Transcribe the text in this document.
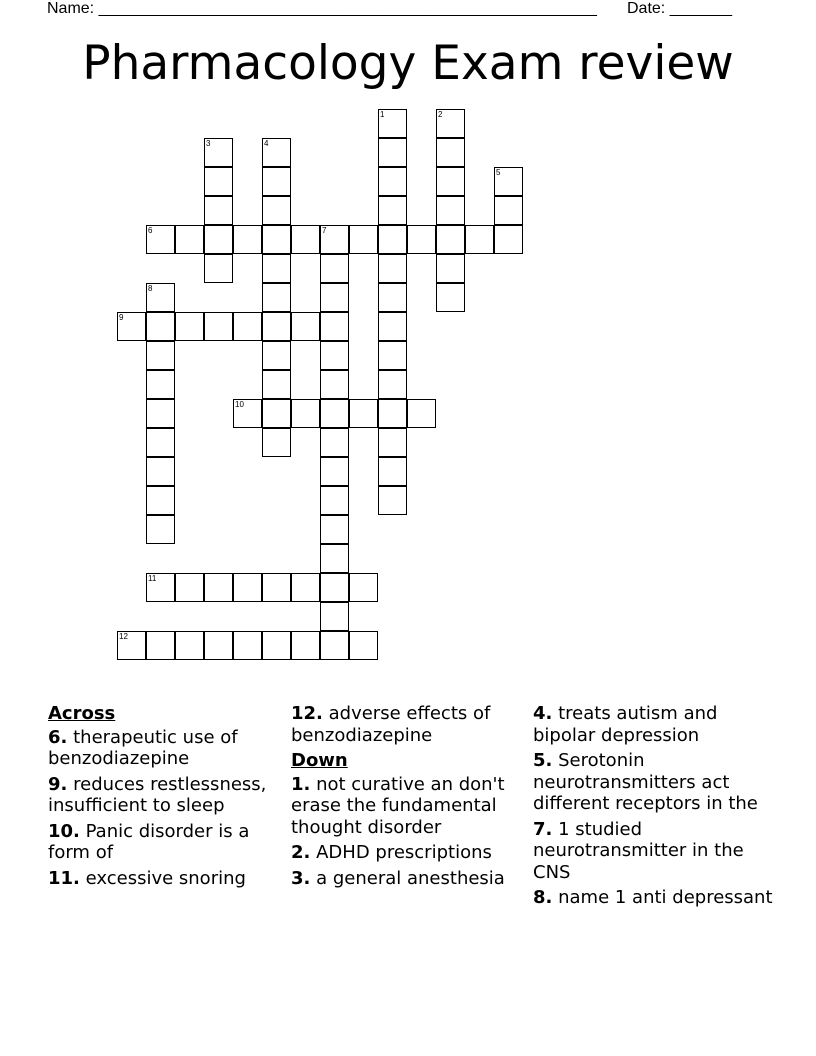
Name: ________________________________________________________ Date: _______
Pharmacology Exam review
1	2
3	4
5
6	7
8
9
10
11
12
Across
6. therapeutic use of benzodiazepine
9. reduces restlessness, insufficient to sleep
10. Panic disorder is a form of
11. excessive snoring
12. adverse effects of benzodiazepine
Down
1. not curative an don't erase the fundamental thought disorder
2. ADHD prescriptions
3. a general anesthesia
4. treats autism and bipolar depression
5. Serotonin neurotransmitters act different receptors in the
7. 1 studied neurotransmitter in the CNS
8. name 1 anti depressant
